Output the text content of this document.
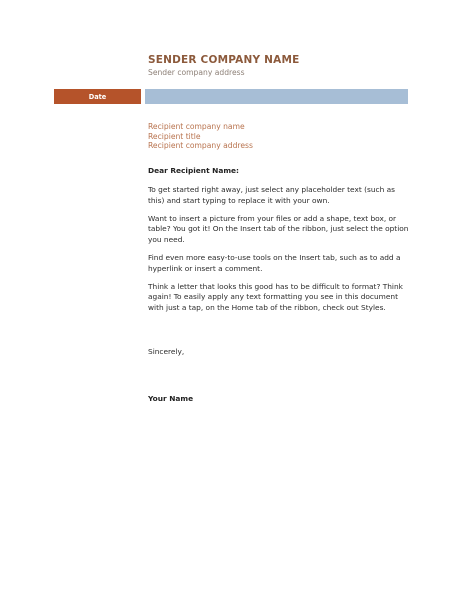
SENDER COMPANY NAME
Sender company address
Date
Recipient company name
Recipient title
Recipient company address
Dear Recipient Name:

To get started right away, just select any placeholder text (such as this) and start typing to replace it with your own.

Want to insert a picture from your files or add a shape, text box, or table? You got it! On the Insert tab of the ribbon, just select the option you need.

Find even more easy-to-use tools on the Insert tab, such as to add a hyperlink or insert a comment.

Think a letter that looks this good has to be difficult to format? Think again! To easily apply any text formatting you see in this document with just a tap, on the Home tab of the ribbon, check out Styles.

Sincerely,
Your Name
